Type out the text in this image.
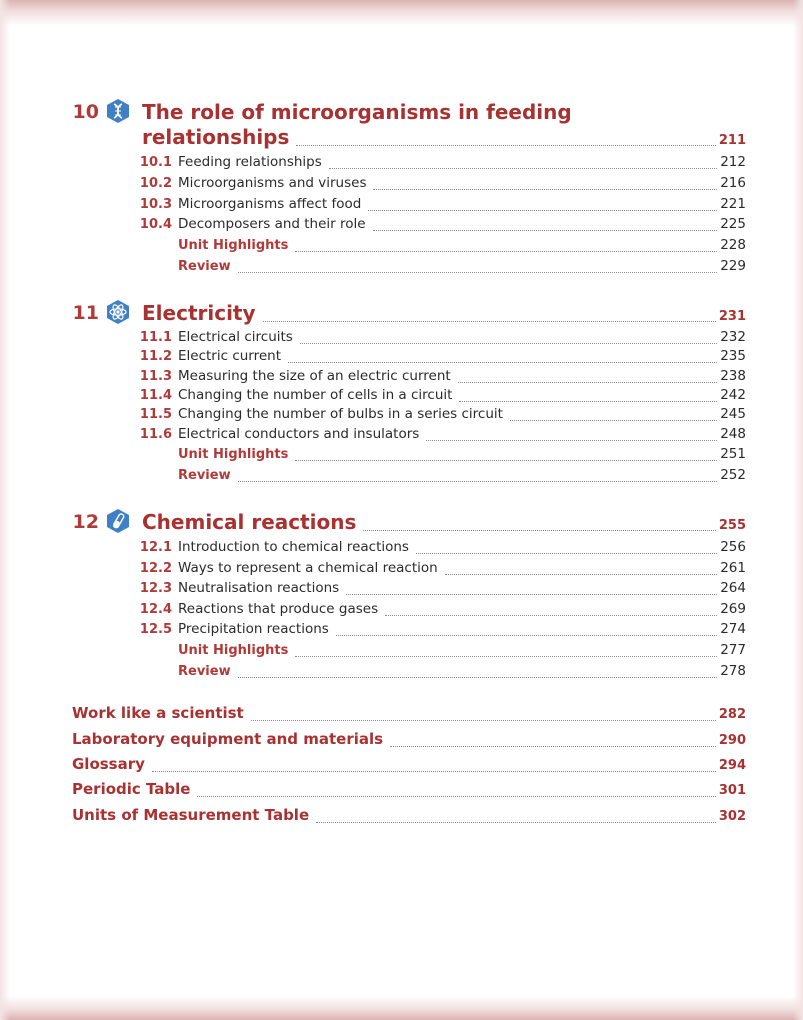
10 The role of microorganisms in feeding
relationships	211
10.1 Feeding relationships	212
10.2 Microorganisms and viruses	216
10.3 Microorganisms affect food	221
10.4 Decomposers and their role	225
Unit Highlights	228
Review	229
11 Electricity	231
11.1 Electrical circuits	232
11.2 Electric current	235
11.3 Measuring the size of an electric current	238
11.4 Changing the number of cells in a circuit	242
11.5 Changing the number of bulbs in a series circuit	245
11.6 Electrical conductors and insulators	248
Unit Highlights	251
Review	252
12 Chemical reactions	255
12.1 Introduction to chemical reactions	256
12.2 Ways to represent a chemical reaction	261
12.3 Neutralisation reactions	264
12.4 Reactions that produce gases	269
12.5 Precipitation reactions	274
Unit Highlights	277
Review	278
Work like a scientist	282
Laboratory equipment and materials	290
Glossary	294
Periodic Table	301
Units of Measurement Table	302
